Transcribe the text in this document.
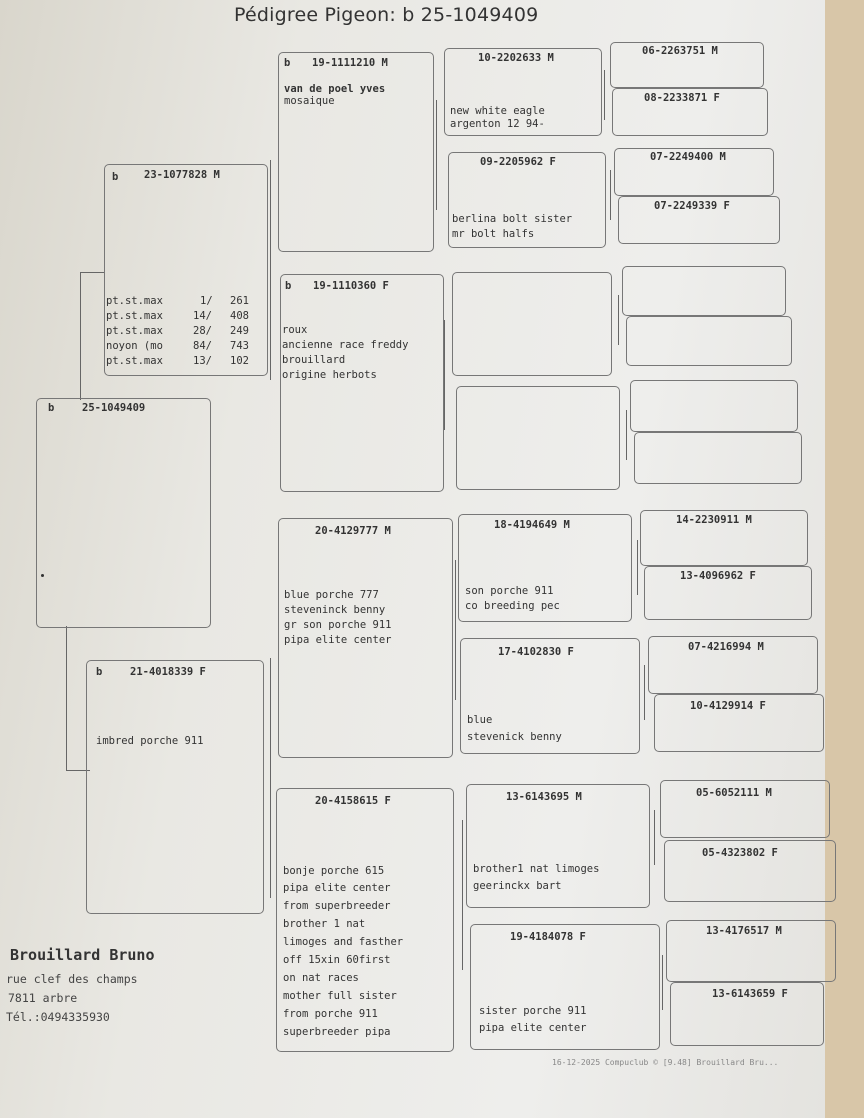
Pédigree Pigeon: b 25-1049409
b	25-1049409
b 23-1077828 M
pt.st.max	1/ 261
pt.st.max	14/ 408
pt.st.max	28/ 249
noyon (mo	84/ 743
pt.st.max	13/ 102
b	21-4018339 F
imbred porche 911
b 19-1111210 M
van de poel yves
mosaique
b 19-1110360 F
roux
ancienne race freddy
brouillard
origine herbots
20-4129777 M
blue porche 777
steveninck benny
gr son porche 911
pipa elite center
20-4158615 F
bonje porche 615
pipa elite center
from superbreeder
brother 1 nat
limoges and fasther
off 15xin 60first
on nat races
mother full sister
from porche 911
superbreeder pipa
10-2202633 M
new white eagle
argenton 12 94-
09-2205962 F
berlina bolt sister
mr bolt halfs
18-4194649 M
son porche 911
co breeding pec
17-4102830 F
blue
stevenick benny
13-6143695 M
brother1 nat limoges
geerinckx bart
19-4184078 F
sister porche 911
pipa elite center
06-2263751 M
08-2233871 F
07-2249400 M
07-2249339 F
14-2230911 M
13-4096962 F
07-4216994 M
10-4129914 F
05-6052111 M
05-4323802 F
13-4176517 M
13-6143659 F
Brouillard Bruno
rue clef des champs
7811 arbre
Tél.:0494335930
16-12-2025 Compuclub © [9.48] Brouillard Bru...
